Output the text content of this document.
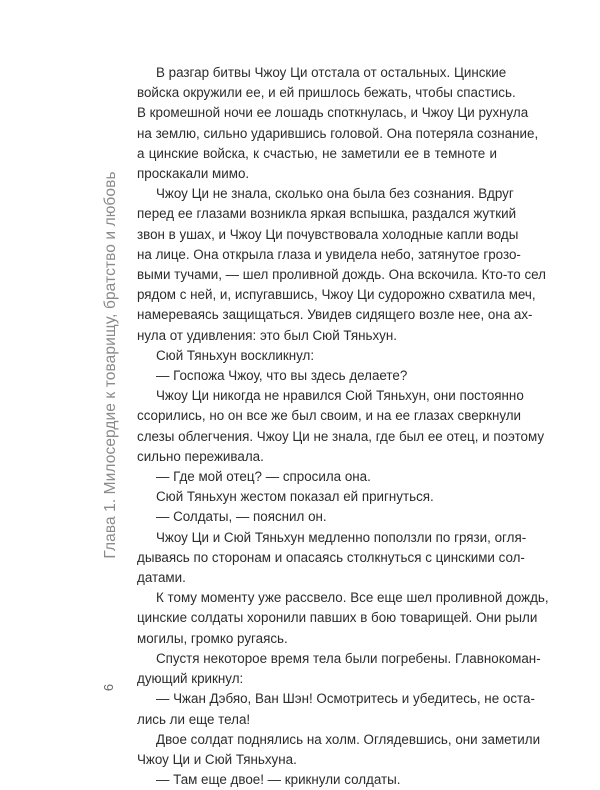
Глава 1. Милосердие к товарищу, братство и любовь
В разгар битвы Чжоу Ци отстала от остальных. Цинские
войска окружили ее, и ей пришлось бежать, чтобы спастись.
В кромешной ночи ее лошадь споткнулась, и Чжоу Ци рухнула
на землю, сильно ударившись головой. Она потеряла сознание,
а цинские войска, к счастью, не заметили ее в темноте и
проскакали мимо.
Чжоу Ци не знала, сколько она была без сознания. Вдруг
перед ее глазами возникла яркая вспышка, раздался жуткий
звон в ушах, и Чжоу Ци почувствовала холодные капли воды
на лице. Она открыла глаза и увидела небо, затянутое грозо-
выми тучами, — шел проливной дождь. Она вскочила. Кто-то сел
рядом с ней, и, испугавшись, Чжоу Ци судорожно схватила меч,
намереваясь защищаться. Увидев сидящего возле нее, она ах-
нула от удивления: это был Сюй Тяньхун.
Сюй Тяньхун воскликнул:
— Госпожа Чжоу, что вы здесь делаете?
Чжоу Ци никогда не нравился Сюй Тяньхун, они постоянно
ссорились, но он все же был своим, и на ее глазах сверкнули
слезы облегчения. Чжоу Ци не знала, где был ее отец, и поэтому
сильно переживала.
— Где мой отец? — спросила она.
Сюй Тяньхун жестом показал ей пригнуться.
— Солдаты, — пояснил он.
Чжоу Ци и Сюй Тяньхун медленно поползли по грязи, огля-
дываясь по сторонам и опасаясь столкнуться с цинскими сол-
датами.
К тому моменту уже рассвело. Все еще шел проливной дождь,
цинские солдаты хоронили павших в бою товарищей. Они рыли
могилы, громко ругаясь.
Спустя некоторое время тела были погребены. Главнокоман-
дующий крикнул:
— Чжан Дэбяо, Ван Шэн! Осмотритесь и убедитесь, не оста-
лись ли еще тела!
Двое солдат поднялись на холм. Оглядевшись, они заметили
Чжоу Ци и Сюй Тяньхуна.
— Там еще двое! — крикнули солдаты.
6
